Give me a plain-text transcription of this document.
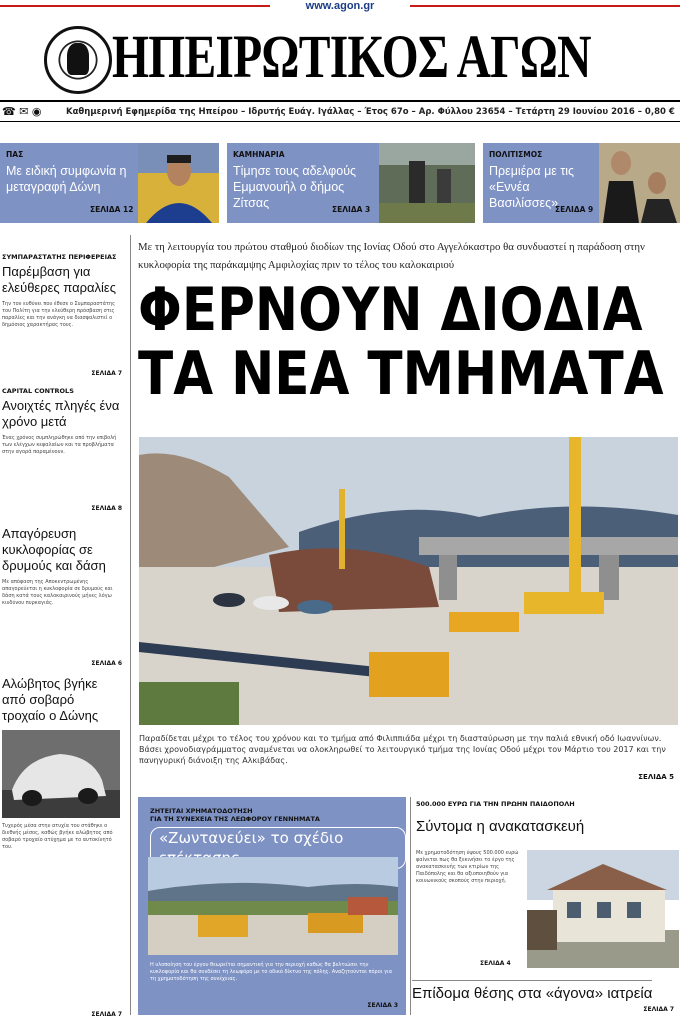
www.agon.gr
ΗΠΕΙΡΩΤΙΚΟΣ ΑΓΩΝ
☎ ✉ ◉	Καθημερινή Εφημερίδα της Ηπείρου – Ιδρυτής Ευάγ. Ιγάλλας – Έτος 67ο – Αρ. Φύλλου 23654 – Τετάρτη 29 Ιουνίου 2016 – 0,80 €
ΠΑΣ
Με ειδική συμφωνία η μεταγραφή Δώνη
ΣΕΛΙΔΑ 12
ΚΑΜΗΝΑΡΙΑ
Τίμησε τους αδελφούς Εμμανουήλ ο δήμος Ζίτσας	ΣΕΛΙΔΑ 3
ΠΟΛΙΤΙΣΜΟΣ
Πρεμιέρα με τις «Εννέα Βασιλίσσες»
ΣΕΛΙΔΑ 9
ΣΥΜΠΑΡΑΣΤΑΤΗΣ ΠΕΡΙΦΕΡΕΙΑΣ
Παρέμβαση για ελεύθερες παραλίες
Την τον ευθύνει που έθεσε ο Συμπαραστάτης του Πολίτη για την ελεύθερη πρόσβαση στις παραλίες και την ανάγκη να διασφαλιστεί ο δημόσιος χαρακτήρας τους.
ΣΕΛΙΔΑ 7
CAPITAL CONTROLS
Ανοιχτές πληγές ένα χρόνο μετά
Ένας χρόνος συμπληρώθηκε από την επιβολή των ελέγχων κεφαλαίων και τα προβλήματα στην αγορά παραμένουν.
ΣΕΛΙΔΑ 8
Απαγόρευση κυκλοφορίας σε δρυμούς και δάση
Με απόφαση της Αποκεντρωμένης απαγορεύεται η κυκλοφορία σε δρυμούς και δάση κατά τους καλοκαιρινούς μήνες λόγω κινδύνου πυρκαγιάς.
ΣΕΛΙΔΑ 6
Αλώβητος βγήκε από σοβαρό τροχαίο ο Δώνης
Τυχερός μέσα στην ατυχία του στάθηκε ο διεθνής μέσος, καθώς βγήκε αλώβητος από σοβαρό τροχαίο ατύχημα με το αυτοκίνητό του.
ΣΕΛΙΔΑ 7
Με τη λειτουργία του πρώτου σταθμού διοδίων της Ιονίας Οδού στο Αγγελόκαστρο θα συνδυαστεί η παράδοση στην κυκλοφορία της παράκαμψης Αμφιλοχίας πριν το τέλος του καλοκαιριού
ΦΕΡΝΟΥΝ ΔΙΟΔΙΑ
ΤΑ ΝΕΑ ΤΜΗΜΑΤΑ
Παραδίδεται μέχρι το τέλος του χρόνου και το τμήμα από Φιλιππιάδα μέχρι τη διασταύρωση με την παλιά εθνική οδό Ιωαννίνων. Βάσει χρονοδιαγράμματος αναμένεται να ολοκληρωθεί το λειτουργικό τμήμα της Ιονίας Οδού μέχρι τον Μάρτιο του 2017 και την πανηγυρική διάνοιξη της Αλκιβάδας.
ΣΕΛΙΔΑ 5
ΖΗΤΕΙΤΑΙ ΧΡΗΜΑΤΟΔΟΤΗΣΗ
ΓΙΑ ΤΗ ΣΥΝΕΧΕΙΑ ΤΗΣ ΛΕΩΦΟΡΟΥ ΓΕΝΝΗΜΑΤΑ
«Ζωντανεύει» το σχέδιο
Η υλοποίηση του έργου θεωρείται σημαντική για την περιοχή καθώς θα βελτιώσει την κυκλοφορία και θα συνδέσει τη λεωφόρο με το οδικό δίκτυο της πόλης. Αναζητούνται πόροι για τη χρηματοδότηση της συνέχειας.
ΣΕΛΙΔΑ 3
500.000 ΕΥΡΩ ΓΙΑ ΤΗΝ ΠΡΩΗΝ ΠΑΙΔΟΠΟΛΗ
Σύντομα η ανακατασκευή
Με χρηματοδότηση ύψους 500.000 ευρώ φαίνεται πως θα ξεκινήσει το έργο της ανακατασκευής των κτιρίων της Παιδόπολης και θα αξιοποιηθούν για κοινωνικούς σκοπούς στην περιοχή.
ΣΕΛΙΔΑ 4
Επίδομα θέσης στα «άγονα» ιατρεία
ΣΕΛΙΔΑ 7
